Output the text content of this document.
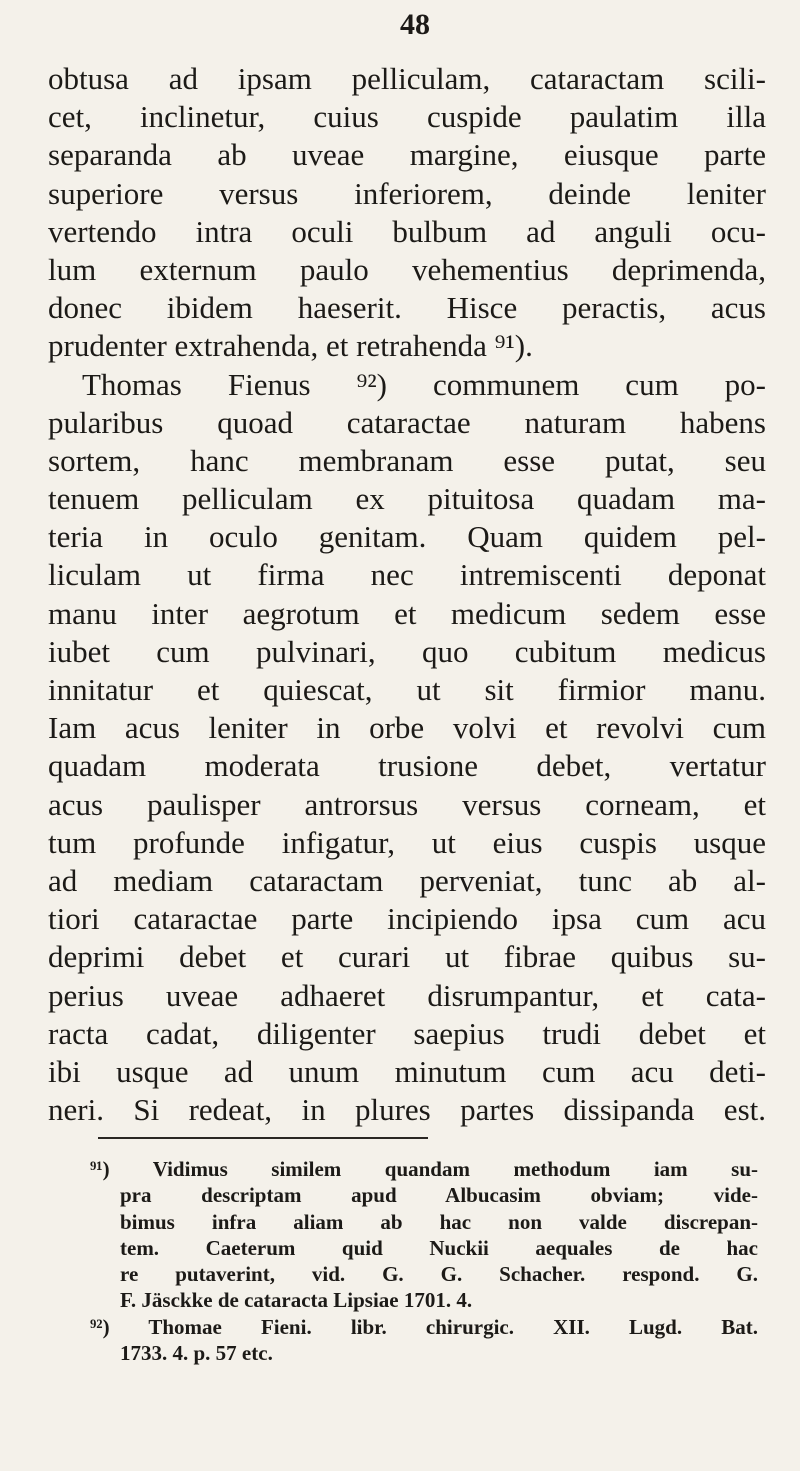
48
obtusa ad ipsam pelliculam, cataractam scili-
cet, inclinetur, cuius cuspide paulatim illa
separanda ab uveae margine, eiusque parte
superiore versus inferiorem, deinde leniter
vertendo intra oculi bulbum ad anguli ocu-
lum externum paulo vehementius deprimenda,
donec ibidem haeserit. Hisce peractis, acus
prudenter extrahenda, et retrahenda ⁹¹).
Thomas Fienus ⁹²) communem cum po-
pularibus quoad cataractae naturam habens
sortem, hanc membranam esse putat, seu
tenuem pelliculam ex pituitosa quadam ma-
teria in oculo genitam. Quam quidem pel-
liculam ut firma nec intremiscenti deponat
manu inter aegrotum et medicum sedem esse
iubet cum pulvinari, quo cubitum medicus
innitatur et quiescat, ut sit firmior manu.
Iam acus leniter in orbe volvi et revolvi cum
quadam moderata trusione debet, vertatur
acus paulisper antrorsus versus corneam, et
tum profunde infigatur, ut eius cuspis usque
ad mediam cataractam perveniat, tunc ab al-
tiori cataractae parte incipiendo ipsa cum acu
deprimi debet et curari ut fibrae quibus su-
perius uveae adhaeret disrumpantur, et cata-
racta cadat, diligenter saepius trudi debet et
ibi usque ad unum minutum cum acu deti-
neri. Si redeat, in plures partes dissipanda est.
⁹¹) Vidimus similem quandam methodum iam su-
pra descriptam apud Albucasim obviam; vide-
bimus infra aliam ab hac non valde discrepan-
tem. Caeterum quid Nuckii aequales de hac
re putaverint, vid. G. G. Schacher. respond. G.
F. Jäsckke de cataracta Lipsiae 1701. 4.
⁹²) Thomae Fieni. libr. chirurgic. XII. Lugd. Bat.
1733. 4. p. 57 etc.
